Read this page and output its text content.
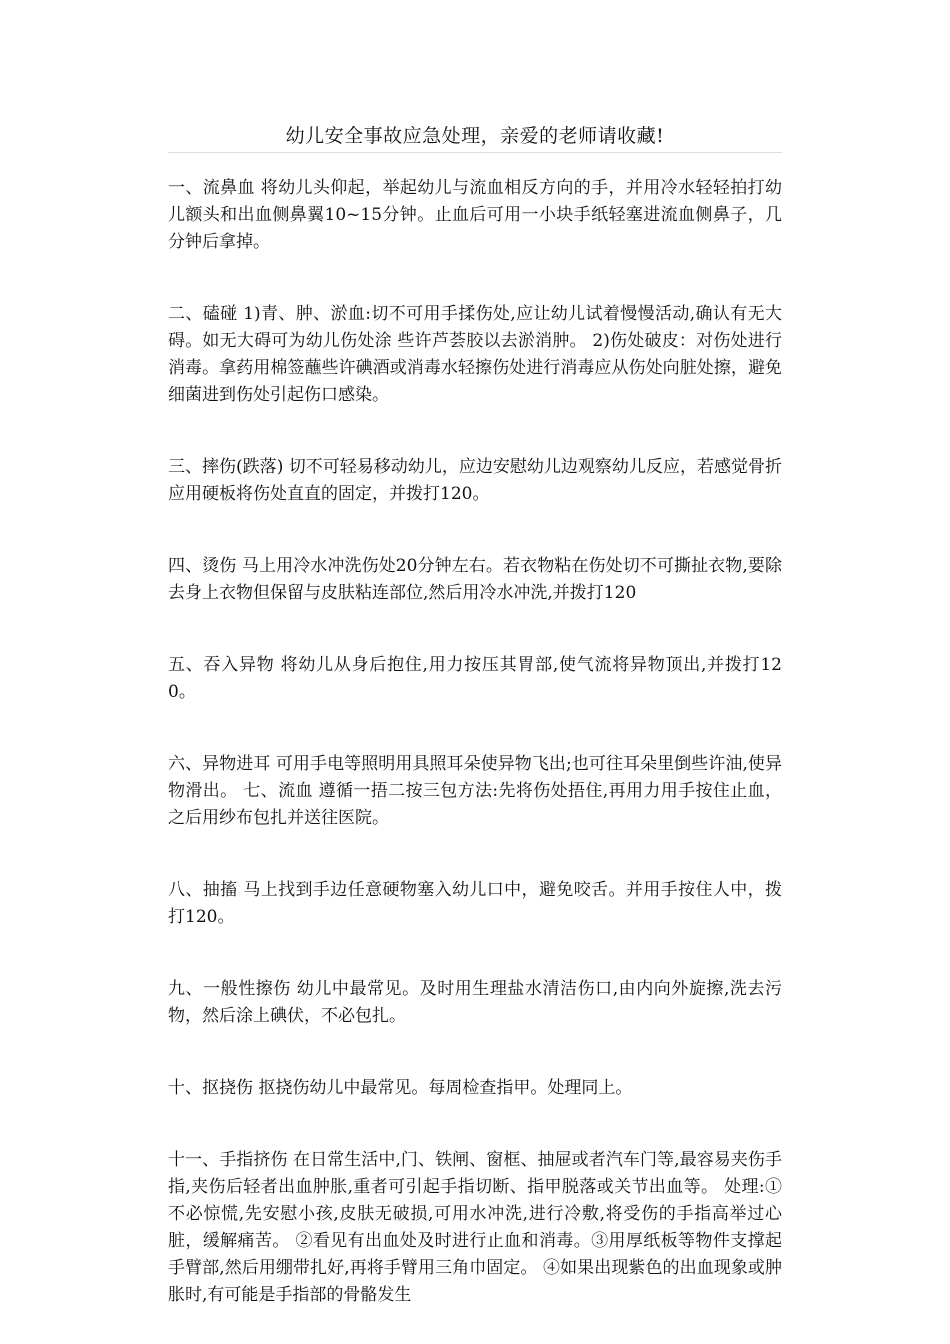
幼儿安全事故应急处理，亲爱的老师请收藏!

一、流鼻血 将幼儿头仰起，举起幼儿与流血相反方向的手，并用冷水轻轻拍打幼儿额头和出血侧鼻翼10~15分钟。止血后可用一小块手纸轻塞进流血侧鼻子，几分钟后拿掉。

二、磕碰 1)青、肿、淤血:切不可用手揉伤处,应让幼儿试着慢慢活动,确认有无大碍。如无大碍可为幼儿伤处涂 些许芦荟胶以去淤消肿。 2)伤处破皮：对伤处进行消毒。拿药用棉签蘸些许碘酒或消毒水轻擦伤处进行消毒应从伤处向脏处擦，避免细菌进到伤处引起伤口感染。

三、摔伤(跌落) 切不可轻易移动幼儿，应边安慰幼儿边观察幼儿反应，若感觉骨折应用硬板将伤处直直的固定，并拨打120。

四、烫伤 马上用冷水冲洗伤处20分钟左右。若衣物粘在伤处切不可撕扯衣物,要除去身上衣物但保留与皮肤粘连部位,然后用冷水冲洗,并拨打120

五、吞入异物 将幼儿从身后抱住,用力按压其胃部,使气流将异物顶出,并拨打120。

六、异物进耳 可用手电等照明用具照耳朵使异物飞出;也可往耳朵里倒些许油,使异物滑出。 七、流血 遵循一捂二按三包方法:先将伤处捂住,再用力用手按住止血，之后用纱布包扎并送往医院。

八、抽搐 马上找到手边任意硬物塞入幼儿口中，避免咬舌。并用手按住人中，拨打120。

九、一般性擦伤 幼儿中最常见。及时用生理盐水清洁伤口,由内向外旋擦,洗去污物，然后涂上碘伏，不必包扎。

十、抠挠伤 抠挠伤幼儿中最常见。每周检查指甲。处理同上。

十一、手指挤伤 在日常生活中,门、铁闸、窗框、抽屉或者汽车门等,最容易夹伤手指,夹伤后轻者出血肿胀,重者可引起手指切断、指甲脱落或关节出血等。 处理:①不必惊慌,先安慰小孩,皮肤无破损,可用水冲洗,进行冷敷,将受伤的手指高举过心脏，缓解痛苦。 ②看见有出血处及时进行止血和消毒。③用厚纸板等物件支撑起手臂部,然后用绷带扎好,再将手臂用三角巾固定。 ④如果出现紫色的出血现象或肿胀时,有可能是手指部的骨骼发生
